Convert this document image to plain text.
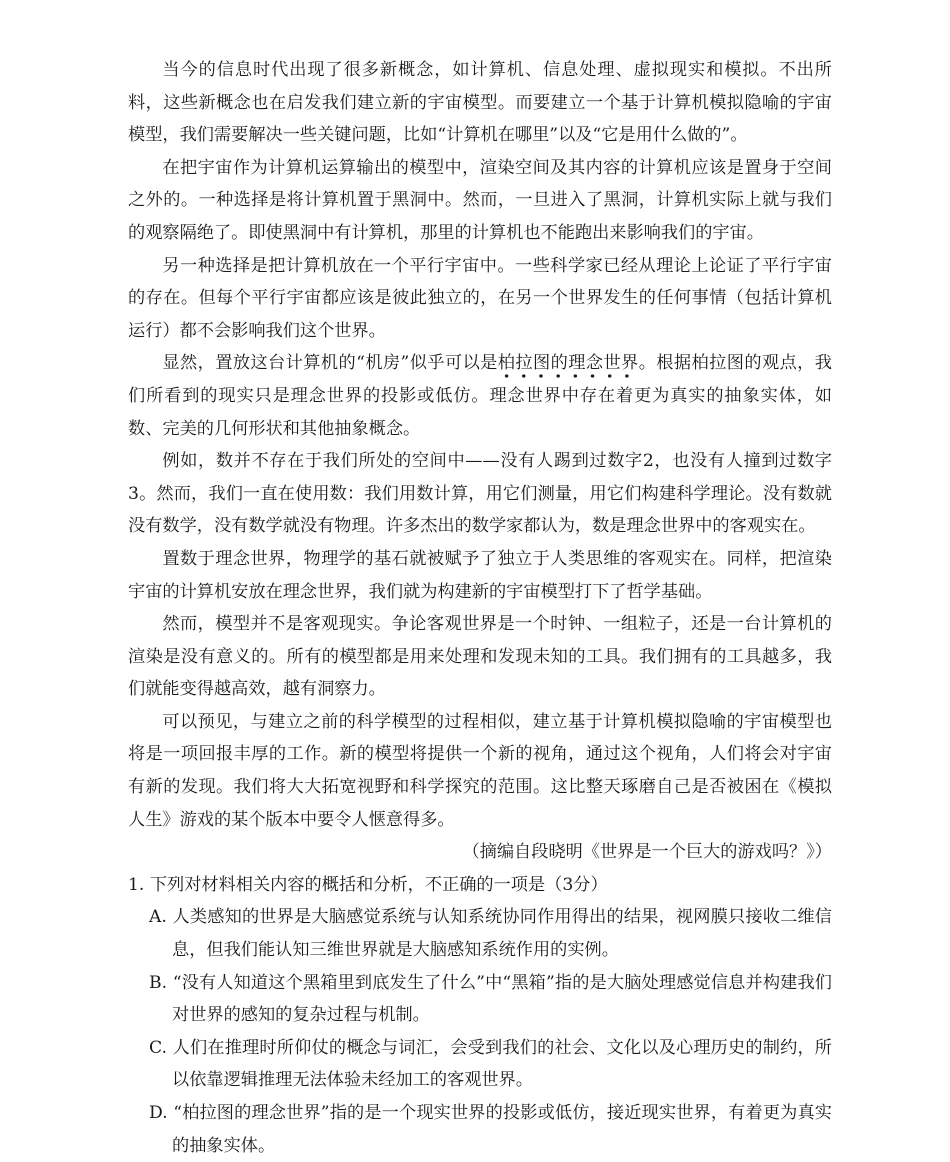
当今的信息时代出现了很多新概念，如计算机、信息处理、虚拟现实和模拟。不出所料，这些新概念也在启发我们建立新的宇宙模型。而要建立一个基于计算机模拟隐喻的宇宙模型，我们需要解决一些关键问题，比如“计算机在哪里”以及“它是用什么做的”。

在把宇宙作为计算机运算输出的模型中，渲染空间及其内容的计算机应该是置身于空间之外的。一种选择是将计算机置于黑洞中。然而，一旦进入了黑洞，计算机实际上就与我们的观察隔绝了。即使黑洞中有计算机，那里的计算机也不能跑出来影响我们的宇宙。

另一种选择是把计算机放在一个平行宇宙中。一些科学家已经从理论上论证了平行宇宙的存在。但每个平行宇宙都应该是彼此独立的，在另一个世界发生的任何事情（包括计算机运行）都不会影响我们这个世界。

显然，置放这台计算机的“机房”似乎可以是柏拉图的理念世界。根据柏拉图的观点，我们所看到的现实只是理念世界的投影或低仿。理念世界中存在着更为真实的抽象实体，如数、完美的几何形状和其他抽象概念。

例如，数并不存在于我们所处的空间中——没有人踢到过数字2，也没有人撞到过数字3。然而，我们一直在使用数：我们用数计算，用它们测量，用它们构建科学理论。没有数就没有数学，没有数学就没有物理。许多杰出的数学家都认为，数是理念世界中的客观实在。

置数于理念世界，物理学的基石就被赋予了独立于人类思维的客观实在。同样，把渲染宇宙的计算机安放在理念世界，我们就为构建新的宇宙模型打下了哲学基础。

然而，模型并不是客观现实。争论客观世界是一个时钟、一组粒子，还是一台计算机的渲染是没有意义的。所有的模型都是用来处理和发现未知的工具。我们拥有的工具越多，我们就能变得越高效，越有洞察力。

可以预见，与建立之前的科学模型的过程相似，建立基于计算机模拟隐喻的宇宙模型也将是一项回报丰厚的工作。新的模型将提供一个新的视角，通过这个视角，人们将会对宇宙有新的发现。我们将大大拓宽视野和科学探究的范围。这比整天琢磨自己是否被困在《模拟人生》游戏的某个版本中要令人惬意得多。

（摘编自段晓明《世界是一个巨大的游戏吗？》）

1. 下列对材料相关内容的概括和分析，不正确的一项是（3分）

A. 人类感知的世界是大脑感觉系统与认知系统协同作用得出的结果，视网膜只接收二维信息，但我们能认知三维世界就是大脑感知系统作用的实例。

B. “没有人知道这个黑箱里到底发生了什么”中“黑箱”指的是大脑处理感觉信息并构建我们对世界的感知的复杂过程与机制。

C. 人们在推理时所仰仗的概念与词汇，会受到我们的社会、文化以及心理历史的制约，所以依靠逻辑推理无法体验未经加工的客观世界。

D. “柏拉图的理念世界”指的是一个现实世界的投影或低仿，接近现实世界，有着更为真实的抽象实体。
